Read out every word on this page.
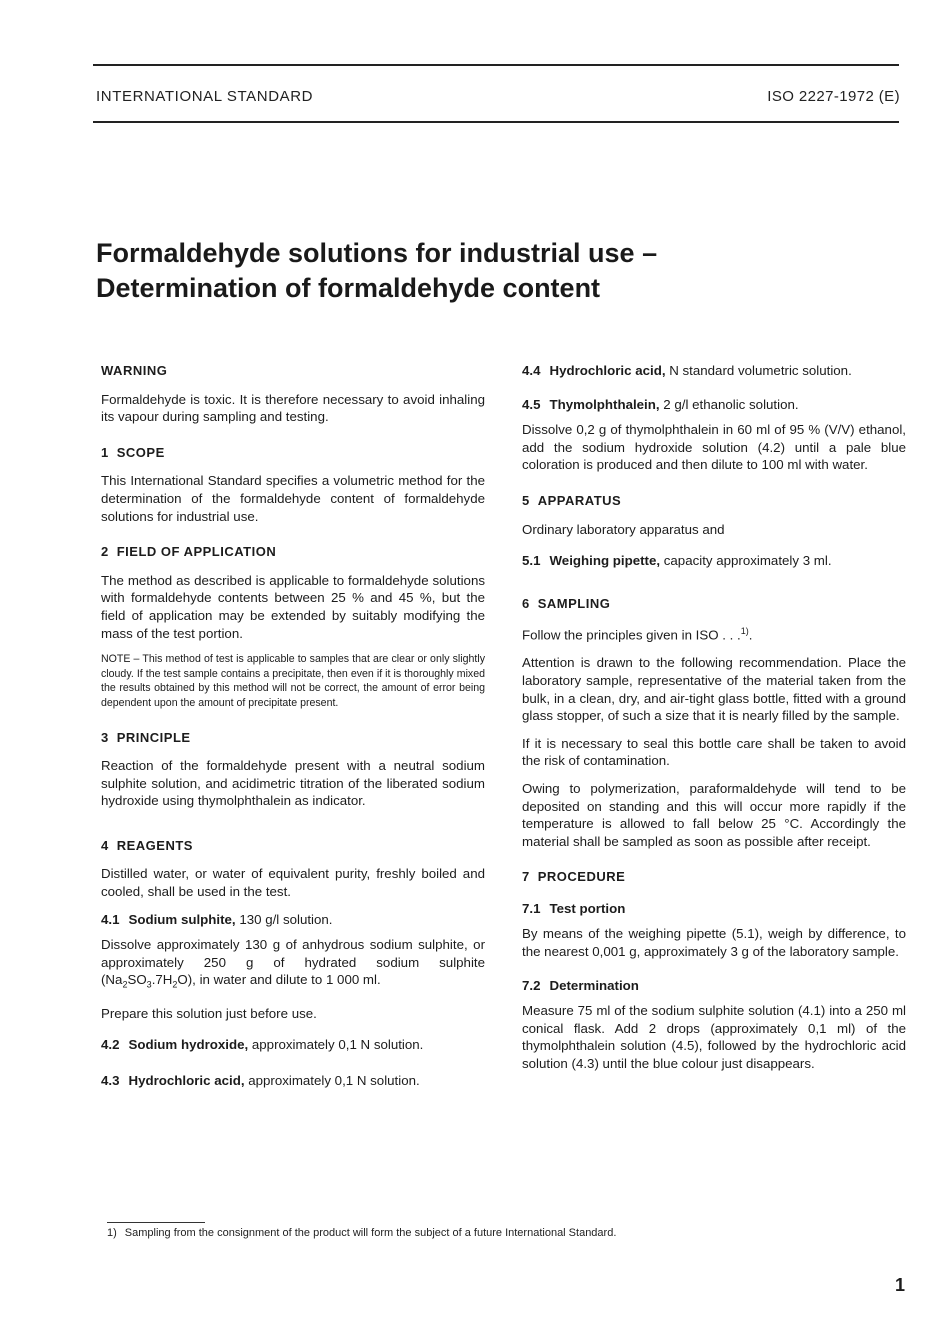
INTERNATIONAL STANDARD	ISO 2227-1972 (E)
Formaldehyde solutions for industrial use –
Determination of formaldehyde content
WARNING
Formaldehyde is toxic. It is therefore necessary to avoid inhaling its vapour during sampling and testing.
1 SCOPE
This International Standard specifies a volumetric method for the determination of the formaldehyde content of formaldehyde solutions for industrial use.
2 FIELD OF APPLICATION
The method as described is applicable to formaldehyde solutions with formaldehyde contents between 25 % and 45 %, but the field of application may be extended by suitably modifying the mass of the test portion.
NOTE – This method of test is applicable to samples that are clear or only slightly cloudy. If the test sample contains a precipitate, then even if it is thoroughly mixed the results obtained by this method will not be correct, the amount of error being dependent upon the amount of precipitate present.
3 PRINCIPLE
Reaction of the formaldehyde present with a neutral sodium sulphite solution, and acidimetric titration of the liberated sodium hydroxide using thymolphthalein as indicator.
4 REAGENTS
Distilled water, or water of equivalent purity, freshly boiled and cooled, shall be used in the test.
4.1 Sodium sulphite, 130 g/l solution.
Dissolve approximately 130 g of anhydrous sodium sulphite, or approximately 250 g of hydrated sodium sulphite $(Na_2SO_3.7H_2O)$, in water and dilute to 1 000 ml.
Prepare this solution just before use.
4.2 Sodium hydroxide, approximately 0,1 N solution.
4.3 Hydrochloric acid, approximately 0,1 N solution.
4.4 Hydrochloric acid, N standard volumetric solution.
4.5 Thymolphthalein, 2 g/l ethanolic solution.
Dissolve 0,2 g of thymolphthalein in 60 ml of 95 % (V/V) ethanol, add the sodium hydroxide solution (4.2) until a pale blue coloration is produced and then dilute to 100 ml with water.
5 APPARATUS
Ordinary laboratory apparatus and
5.1 Weighing pipette, capacity approximately 3 ml.
6 SAMPLING
Follow the principles given in ISO . . .$^{1)}$.
Attention is drawn to the following recommendation. Place the laboratory sample, representative of the material taken from the bulk, in a clean, dry, and air-tight glass bottle, fitted with a ground glass stopper, of such a size that it is nearly filled by the sample.
If it is necessary to seal this bottle care shall be taken to avoid the risk of contamination.
Owing to polymerization, paraformaldehyde will tend to be deposited on standing and this will occur more rapidly if the temperature is allowed to fall below 25 °C. Accordingly the material shall be sampled as soon as possible after receipt.
7 PROCEDURE
7.1 Test portion
By means of the weighing pipette (5.1), weigh by difference, to the nearest 0,001 g, approximately 3 g of the laboratory sample.
7.2 Determination
Measure 75 ml of the sodium sulphite solution (4.1) into a 250 ml conical flask. Add 2 drops (approximately 0,1 ml) of the thymolphthalein solution (4.5), followed by the hydrochloric acid solution (4.3) until the blue colour just disappears.
1) Sampling from the consignment of the product will form the subject of a future International Standard.
1
